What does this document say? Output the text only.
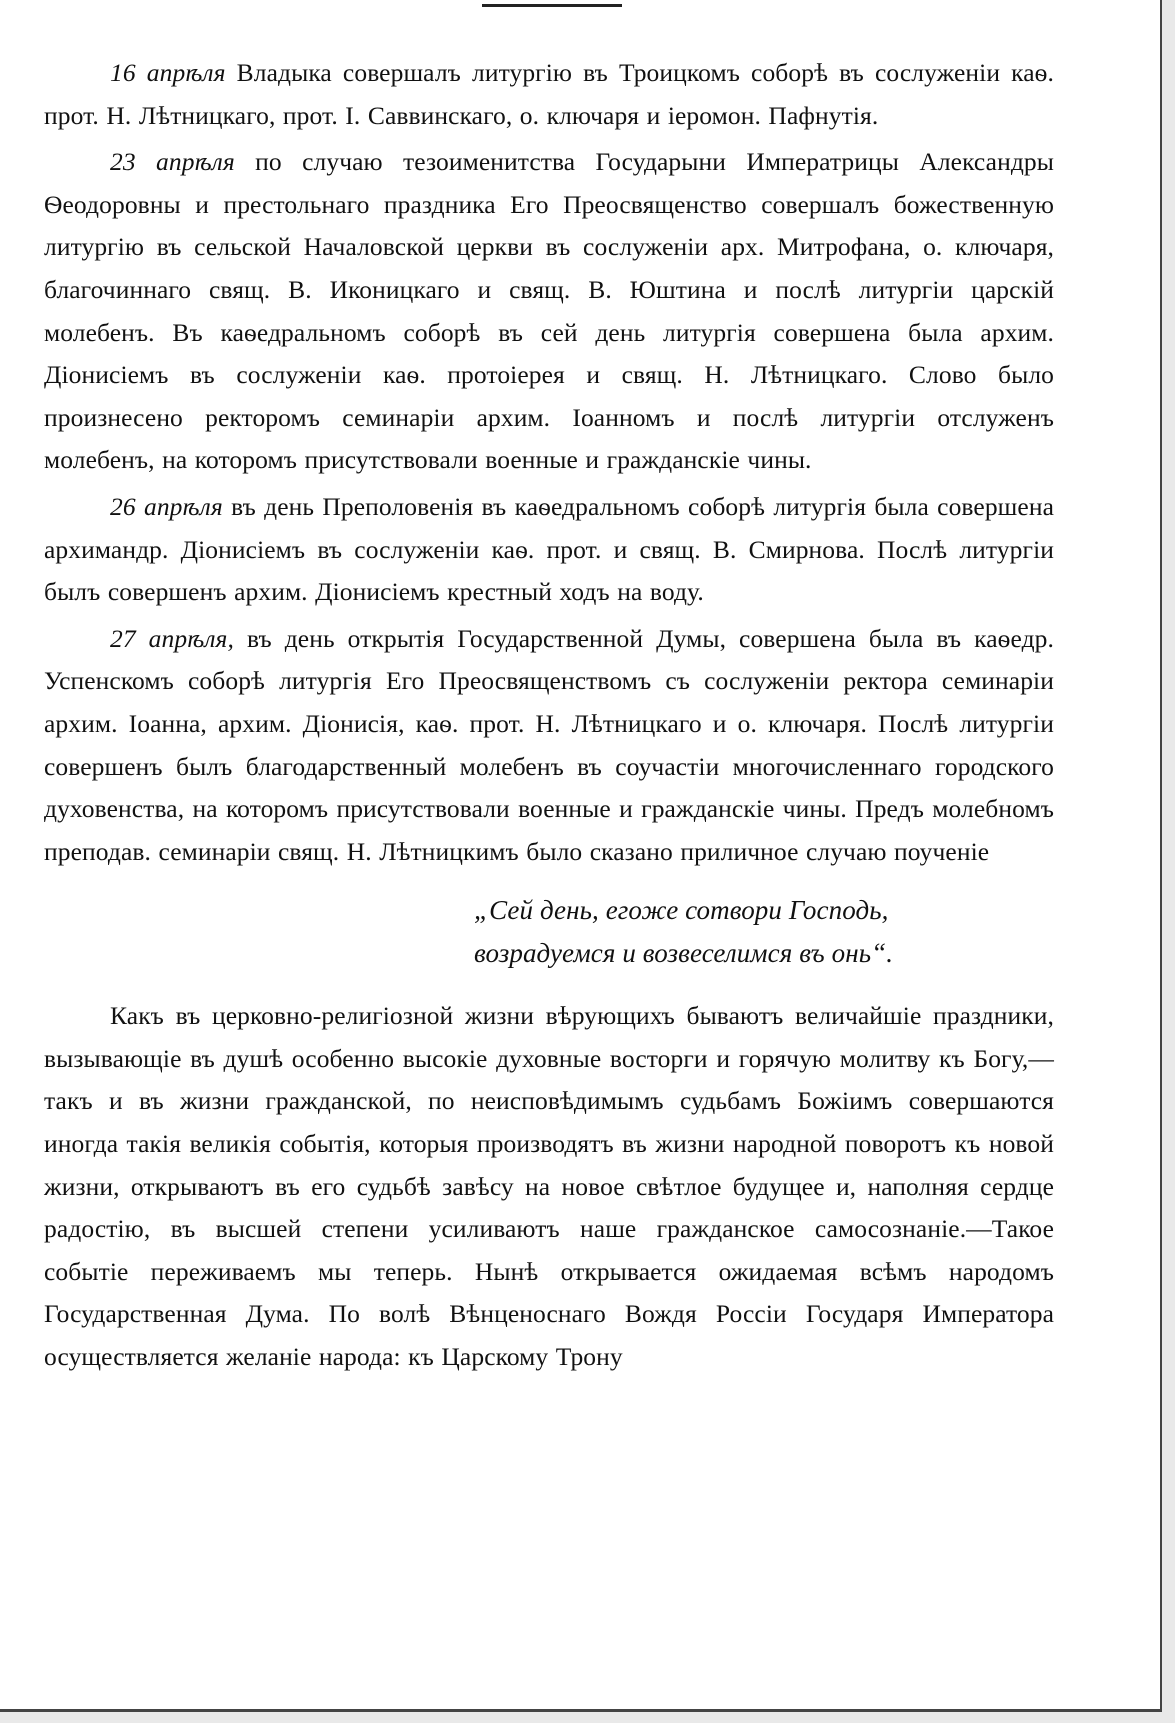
16 апрѣля Владыка совершалъ литургію въ Троицкомъ соборѣ въ сослуженіи каѳ. прот. Н. Лѣтницкаго, прот. І. Саввинскаго, о. ключаря и іеромон. Пафнутія.

23 апрѣля по случаю тезоименитства Государыни Императрицы Александры Ѳеодоровны и престольнаго праздника Его Преосвященство совершалъ божественную литургію въ сельской Началовской церкви въ сослуженіи арх. Митрофана, о. ключаря, благочиннаго свящ. В. Иконицкаго и свящ. В. Юштина и послѣ литургіи царскій молебенъ. Въ каѳедральномъ соборѣ въ сей день литургія совершена была архим. Діонисіемъ въ сослуженіи каѳ. протоіерея и свящ. Н. Лѣтницкаго. Слово было произнесено ректоромъ семинаріи архим. Іоанномъ и послѣ литургіи отслуженъ молебенъ, на которомъ присутствовали военные и гражданскіе чины.

26 апрѣля въ день Преполовенія въ каѳедральномъ соборѣ литургія была совершена архимандр. Діонисіемъ въ сослуженіи каѳ. прот. и свящ. В. Смирнова. Послѣ литургіи былъ совершенъ архим. Діонисіемъ крестный ходъ на воду.

27 апрѣля, въ день открытія Государственной Думы, совершена была въ каѳедр. Успенскомъ соборѣ литургія Его Преосвященствомъ съ сослуженіи ректора семинаріи архим. Іоанна, архим. Діонисія, каѳ. прот. Н. Лѣтницкаго и о. ключаря. Послѣ литургіи совершенъ былъ благодарственный молебенъ въ соучастіи многочисленнаго городского духовенства, на которомъ присутствовали военные и гражданскіе чины. Предъ молебномъ преподав. семинаріи свящ. Н. Лѣтницкимъ было сказано приличное случаю поученіе

„Сей день, егоже сотвори Господь,
возрадуемся и возвеселимся въ онь“.

Какъ въ церковно-религіозной жизни вѣрующихъ бываютъ величайшіе праздники, вызывающіе въ душѣ особенно высокіе духовные восторги и горячую молитву къ Богу,—такъ и въ жизни гражданской, по неисповѣдимымъ судьбамъ Божіимъ совершаются иногда такія великія событія, которыя производятъ въ жизни народной поворотъ къ новой жизни, открываютъ въ его судьбѣ завѣсу на новое свѣтлое будущее и, наполняя сердце радостію, въ высшей степени усиливаютъ наше гражданское самосознаніе.—Такое событіе переживаемъ мы теперь. Нынѣ открывается ожидаемая всѣмъ народомъ Государственная Дума. По волѣ Вѣнценоснаго Вождя Россіи Государя Императора осуществляется желаніе народа: къ Царскому Трону
